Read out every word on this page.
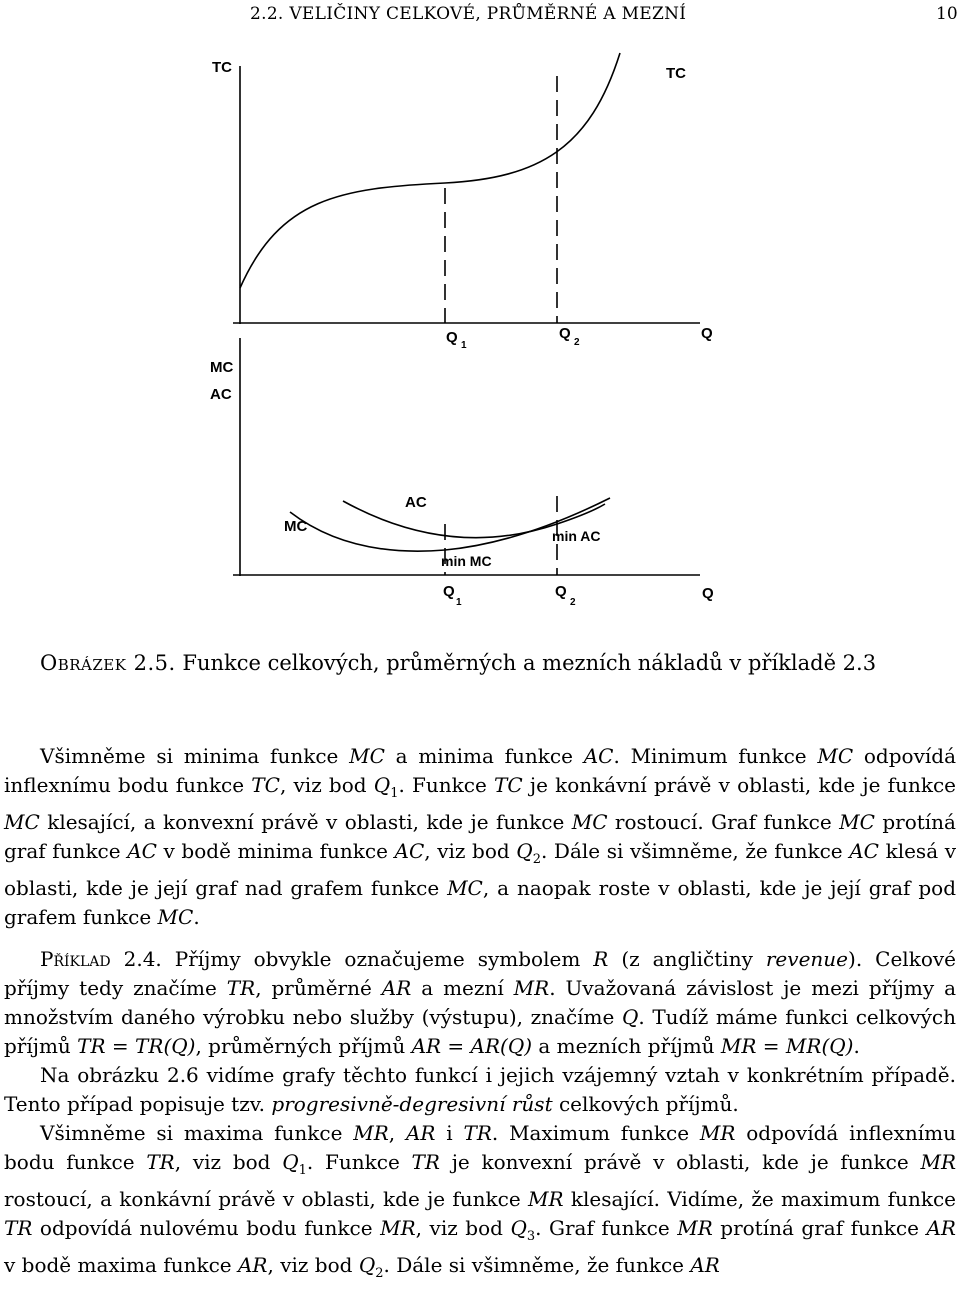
2.2. VELIČINY CELKOVÉ, PRŮMĚRNÉ A MEZNÍ	10
TC	TC
Q 1
Q
2
Q
MC
AC
AC
MC
min MC
min AC
Q
1
Q
2
Q
Obrázek 2.5. Funkce celkových, průměrných a mezních nákladů v příkladě 2.3

Všimněme si minima funkce MC a minima funkce AC. Minimum funkce MC odpovídá inflexnímu bodu funkce TC, viz bod $Q_1$. Funkce TC je konkávní právě v oblasti, kde je funkce MC klesající, a konvexní právě v oblasti, kde je funkce MC rostoucí. Graf funkce MC protíná graf funkce AC v bodě minima funkce AC, viz bod $Q_2$. Dále si všimněme, že funkce AC klesá v oblasti, kde je její graf nad grafem funkce MC, a naopak roste v oblasti, kde je její graf pod grafem funkce MC.

Příklad 2.4. Příjmy obvykle označujeme symbolem R (z angličtiny revenue). Celkové příjmy tedy značíme TR, průměrné AR a mezní MR. Uvažovaná závislost je mezi příjmy a množstvím daného výrobku nebo služby (výstupu), značíme Q. Tudíž máme funkci celkových příjmů TR = TR(Q), průměrných příjmů AR = AR(Q) a mezních příjmů MR = MR(Q).

Na obrázku 2.6 vidíme grafy těchto funkcí i jejich vzájemný vztah v konkrétním případě. Tento případ popisuje tzv. progresivně-degresivní růst celkových příjmů.

Všimněme si maxima funkce MR, AR i TR. Maximum funkce MR odpovídá inflexnímu bodu funkce TR, viz bod $Q_1$. Funkce TR je konvexní právě v oblasti, kde je funkce MR rostoucí, a konkávní právě v oblasti, kde je funkce MR klesající. Vidíme, že maximum funkce TR odpovídá nulovému bodu funkce MR, viz bod $Q_3$. Graf funkce MR protíná graf funkce AR v bodě maxima funkce AR, viz bod $Q_2$. Dále si všimněme, že funkce AR
